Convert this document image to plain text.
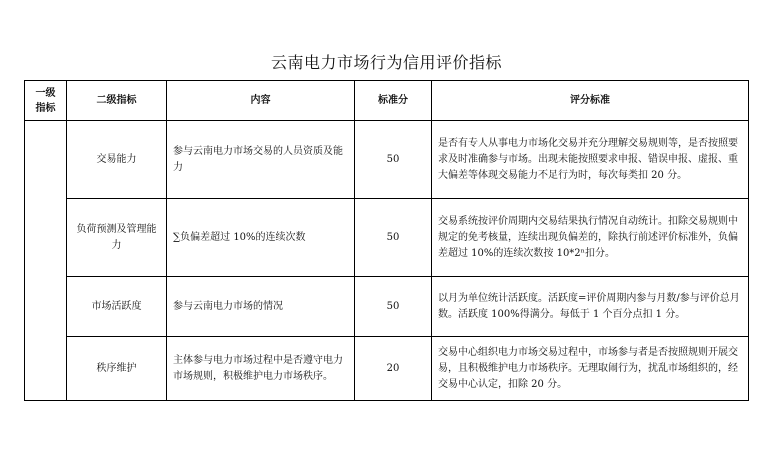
云南电力市场行为信用评价指标
一级
指标	二级指标	内容	标准分	评分标准
	交易能力	参与云南电力市场交易的人员资质及能力	50	是否有专人从事电力市场化交易并充分理解交易规则等，是否按照要求及时准确参与市场。出现未能按照要求申报、错误申报、虚报、重大偏差等体现交易能力不足行为时，每次每类扣 20 分。
	负荷预测及管理能力	∑负偏差超过 10%的连续次数	50	交易系统按评价周期内交易结果执行情况自动统计。扣除交易规则中规定的免考核量，连续出现负偏差的，除执行前述评价标准外，负偏差超过 10%的连续次数按 10*2ⁿ扣分。
	市场活跃度	参与云南电力市场的情况	50	以月为单位统计活跃度。活跃度=评价周期内参与月数/参与评价总月数。活跃度 100%得满分。每低于 1 个百分点扣 1 分。
	秩序维护	主体参与电力市场过程中是否遵守电力市场规则，积极维护电力市场秩序。	20	交易中心组织电力市场交易过程中，市场参与者是否按照规则开展交易，且积极维护电力市场秩序。无理取闹行为，扰乱市场组织的，经交易中心认定，扣除 20 分。
